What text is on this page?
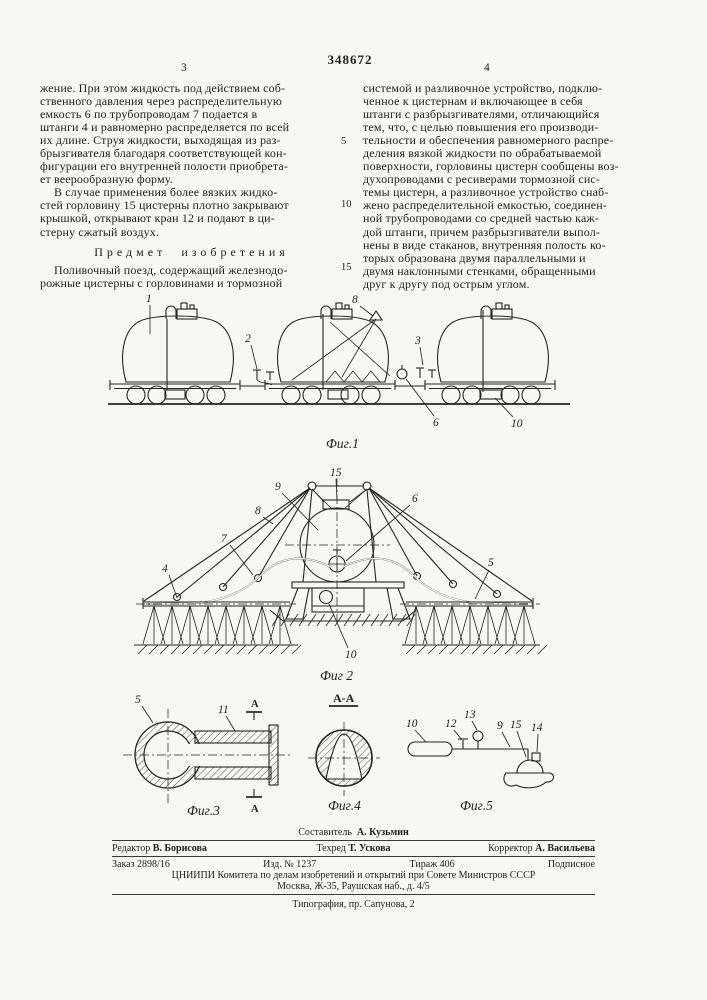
348672
3	4

жение. При этом жидкость под действием соб-
ственного давления через распределительную
емкость 6 по трубопроводам 7 подается в
штанги 4 и равномерно распределяется по всей
их длине. Струя жидкости, выходящая из раз-
брызгивателя благодаря соответствующей кон-
фигурации его внутренней полости приобрета-
ет веерообразную форму.

В случае применения более вязких жидко-
стей горловину 15 цистерны плотно закрывают
крышкой, открывают кран 12 и подают в ци-
стерну сжатый воздух.

Предмет изобретения

Поливочный поезд, содержащий железнодо-
рожные цистерны с горловинами и тормозной

системой и разливочное устройство, подклю-
ченное к цистернам и включающее в себя
штанги с разбрызгивателями, отличающийся
тем, что, с целью повышения его производи-
тельности и обеспечения равномерного распре-
деления вязкой жидкости по обрабатываемой
поверхности, горловины цистерн сообщены воз-
духопроводами с ресиверами тормозной сис-
темы цистерн, а разливочное устройство снаб-
жено распределительной емкостью, соединен-
ной трубопроводами со средней частью каж-
дой штанги, причем разбрызгиватели выпол-
нены в виде стаканов, внутренняя полость ко-
торых образована двумя параллельными и
двумя наклонными стенками, обращенными
друг к другу под острым углом.

5
10
15
1
2
8
3
6	10
Фиг.1
15
9
8
7
4
6
5
10
Фиг 2
А
А
5
11
Фиг.3
А-А
Фиг.4
10 12
13
9 15 14
Фиг.5
Составитель А. Кузьмин
Редактор В. Борисова	Техред Т. Ускова	Корректор А. Васильева
Заказ 2898/16	Изд. № 1237	Тираж 406	Подписное
ЦНИИПИ Комитета по делам изобретений и открытий при Совете Министров СССР
Москва, Ж-35, Раушская наб., д. 4/5
Типография, пр. Сапунова, 2
